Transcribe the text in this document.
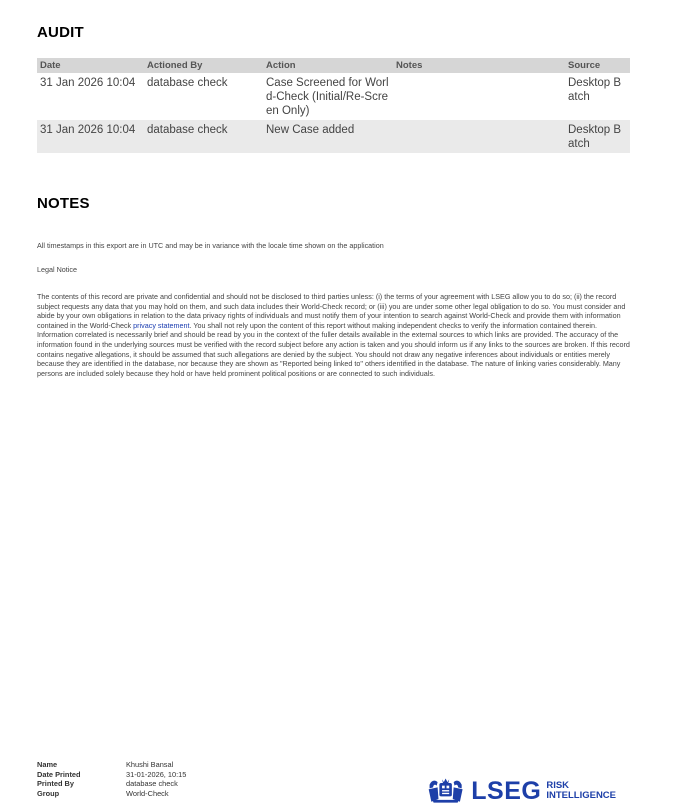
AUDIT
Date	Actioned By	Action	Notes	Source
31 Jan 2026 10:04	database check	Case Screened for World-Check (Initial/Re-Screen Only)		Desktop Batch
31 Jan 2026 10:04	database check	New Case added		Desktop Batch
NOTES

All timestamps in this export are in UTC and may be in variance with the locale time shown on the application

Legal Notice

The contents of this record are private and confidential and should not be disclosed to third parties unless: (i) the terms of your agreement with LSEG allow you to do so; (ii) the record subject requests any data that you may hold on them, and such data includes their World-Check record; or (iii) you are under some other legal obligation to do so. You must consider and abide by your own obligations in relation to the data privacy rights of individuals and must notify them of your intention to search against World-Check and provide them with information contained in the World-Check privacy statement. You shall not rely upon the content of this report without making independent checks to verify the information contained therein. Information correlated is necessarily brief and should be read by you in the context of the fuller details available in the external sources to which links are provided. The accuracy of the information found in the underlying sources must be verified with the record subject before any action is taken and you should inform us if any links to the sources are broken. If this record contains negative allegations, it should be assumed that such allegations are denied by the subject. You should not draw any negative inferences about individuals or entities merely because they are identified in the database, nor because they are shown as "Reported being linked to" others identified in the database. The nature of linking varies considerably. Many persons are included solely because they hold or have held prominent political positions or are connected to such individuals.

Name	Khushi Bansal
Date Printed	31-01-2026, 10:15
Printed By	database check
Group	World-Check	LSEG RISK
INTELLIGENCE
